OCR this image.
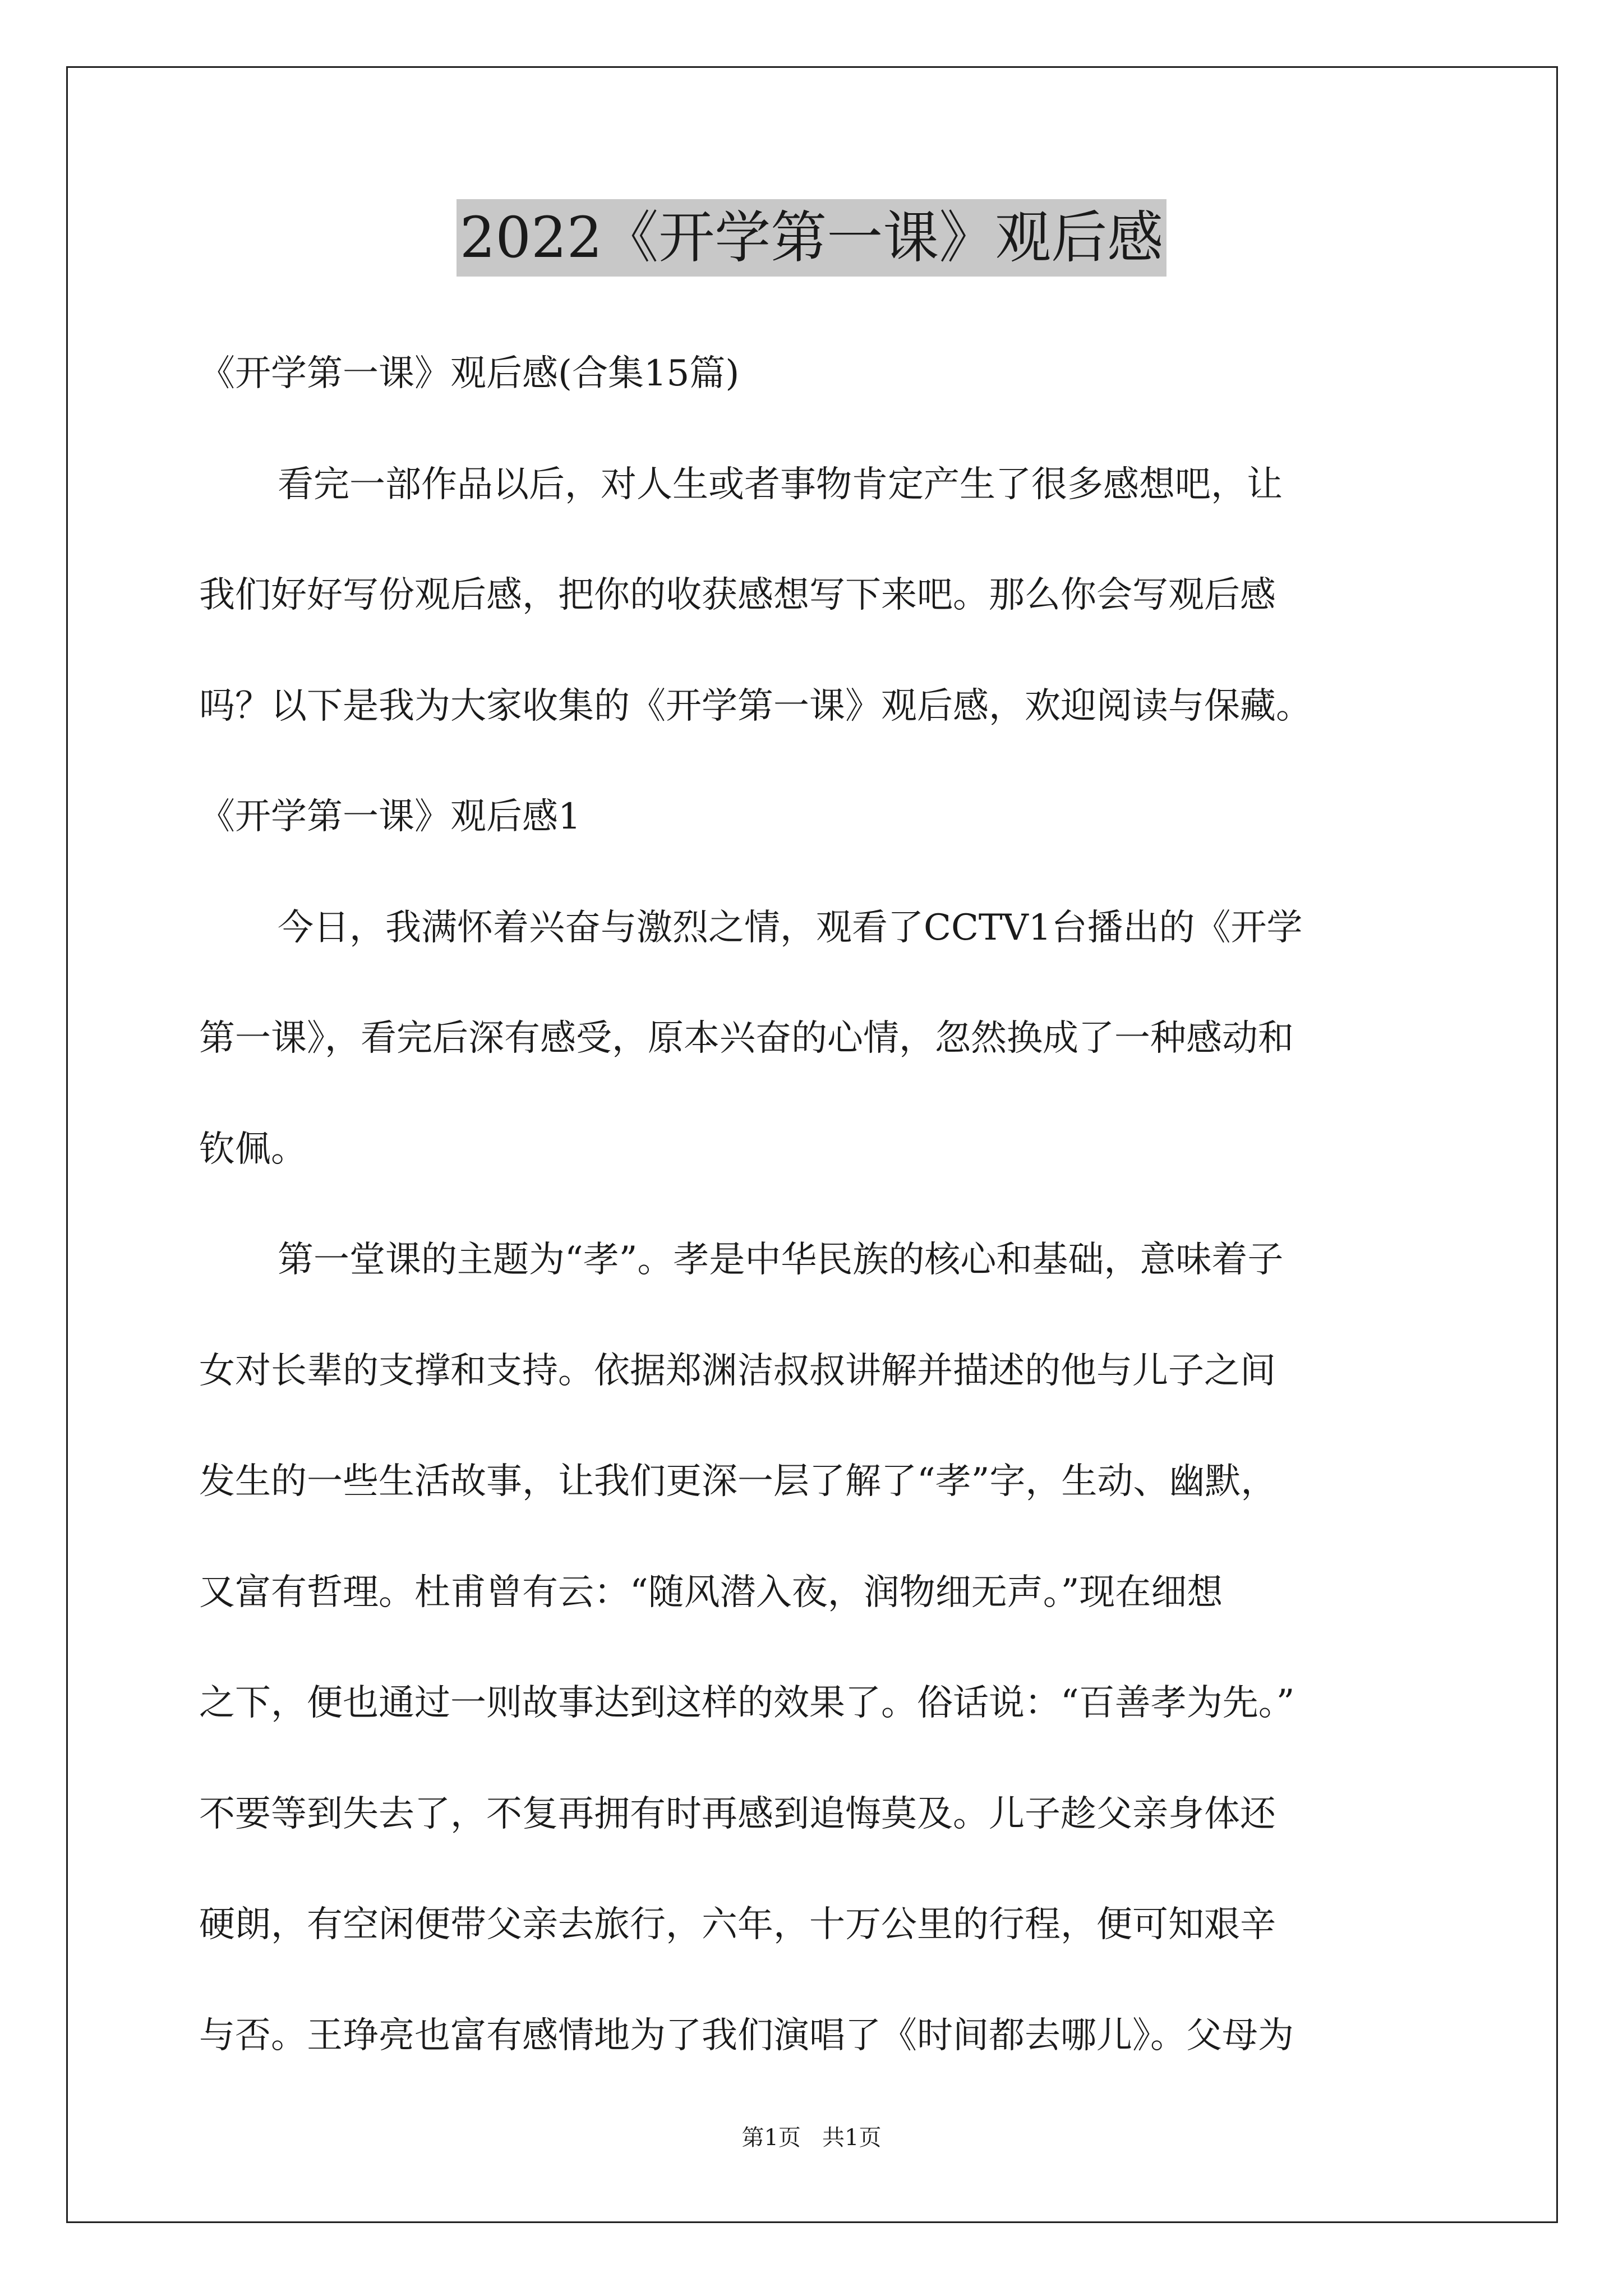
2022《开学第一课》观后感
《开学第一课》观后感(合集15篇)
看完一部作品以后，对人生或者事物肯定产生了很多感想吧，让
我们好好写份观后感，把你的收获感想写下来吧。那么你会写观后感
吗？以下是我为大家收集的《开学第一课》观后感，欢迎阅读与保藏。
《开学第一课》观后感1
今日，我满怀着兴奋与激烈之情，观看了CCTV1台播出的《开学
第一课》，看完后深有感受，原本兴奋的心情，忽然换成了一种感动和
钦佩。
第一堂课的主题为“孝”。孝是中华民族的核心和基础，意味着子
女对长辈的支撑和支持。依据郑渊洁叔叔讲解并描述的他与儿子之间
发生的一些生活故事，让我们更深一层了解了“孝”字，生动、幽默，
又富有哲理。杜甫曾有云：“随风潜入夜，润物细无声。”现在细想
之下，便也通过一则故事达到这样的效果了。俗话说：“百善孝为先。”
不要等到失去了，不复再拥有时再感到追悔莫及。儿子趁父亲身体还
硬朗，有空闲便带父亲去旅行，六年，十万公里的行程，便可知艰辛
与否。王琤亮也富有感情地为了我们演唱了《时间都去哪儿》。父母为
第1页   共1页
